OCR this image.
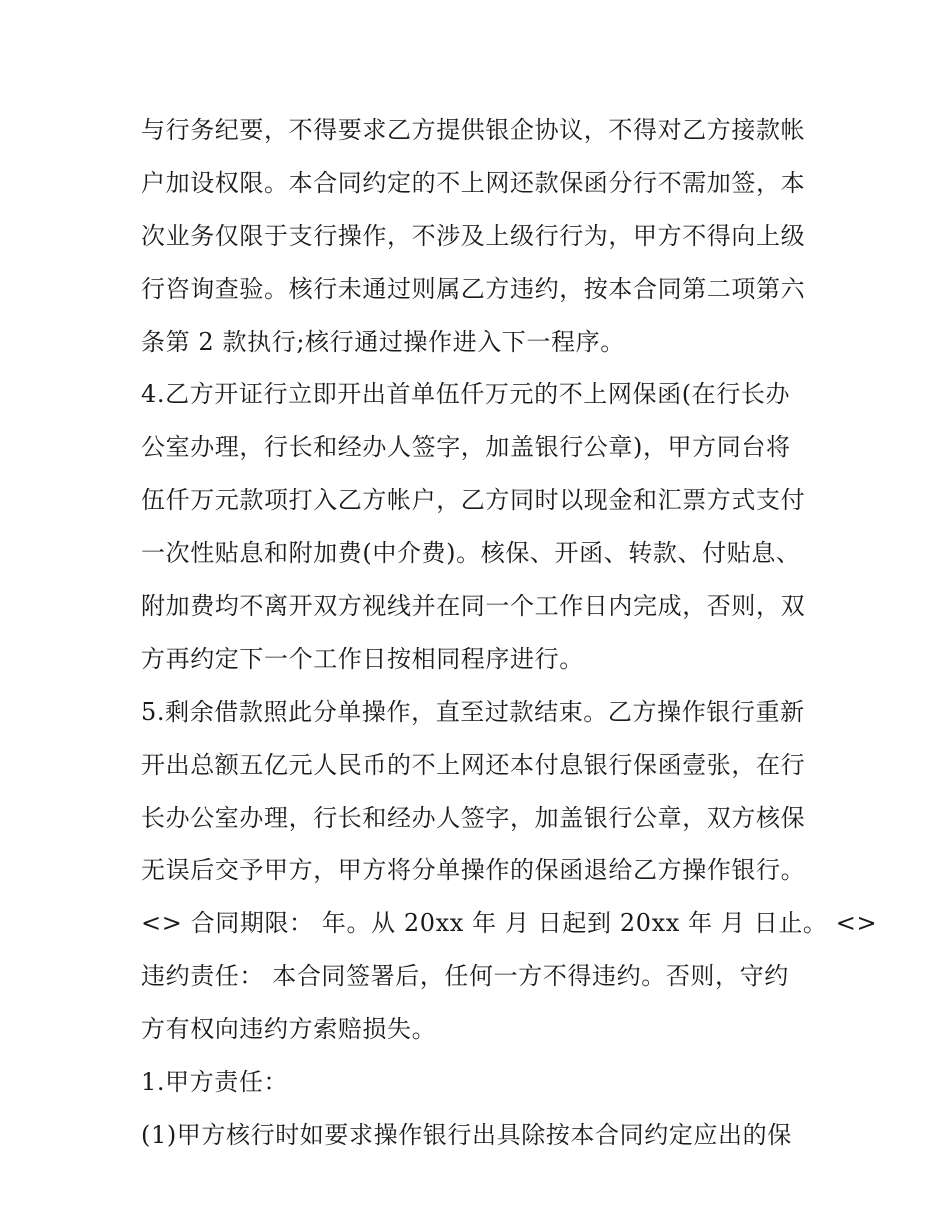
与行务纪要，不得要求乙方提供银企协议，不得对乙方接款帐
户加设权限。本合同约定的不上网还款保函分行不需加签，本
次业务仅限于支行操作，不涉及上级行行为，甲方不得向上级
行咨询查验。核行未通过则属乙方违约，按本合同第二项第六
条第 2 款执行;核行通过操作进入下一程序。
4.乙方开证行立即开出首单伍仟万元的不上网保函(在行长办
公室办理，行长和经办人签字，加盖银行公章)，甲方同台将
伍仟万元款项打入乙方帐户，乙方同时以现金和汇票方式支付
一次性贴息和附加费(中介费)。核保、开函、转款、付贴息、
附加费均不离开双方视线并在同一个工作日内完成，否则，双
方再约定下一个工作日按相同程序进行。
5.剩余借款照此分单操作，直至过款结束。乙方操作银行重新
开出总额五亿元人民币的不上网还本付息银行保函壹张，在行
长办公室办理，行长和经办人签字，加盖银行公章，双方核保
无误后交予甲方，甲方将分单操作的保函退给乙方操作银行。
<> 合同期限： 年。从 20xx 年 月 日起到 20xx 年 月 日止。 <>
违约责任： 本合同签署后，任何一方不得违约。否则，守约
方有权向违约方索赔损失。
1.甲方责任：
(1)甲方核行时如要求操作银行出具除按本合同约定应出的保
